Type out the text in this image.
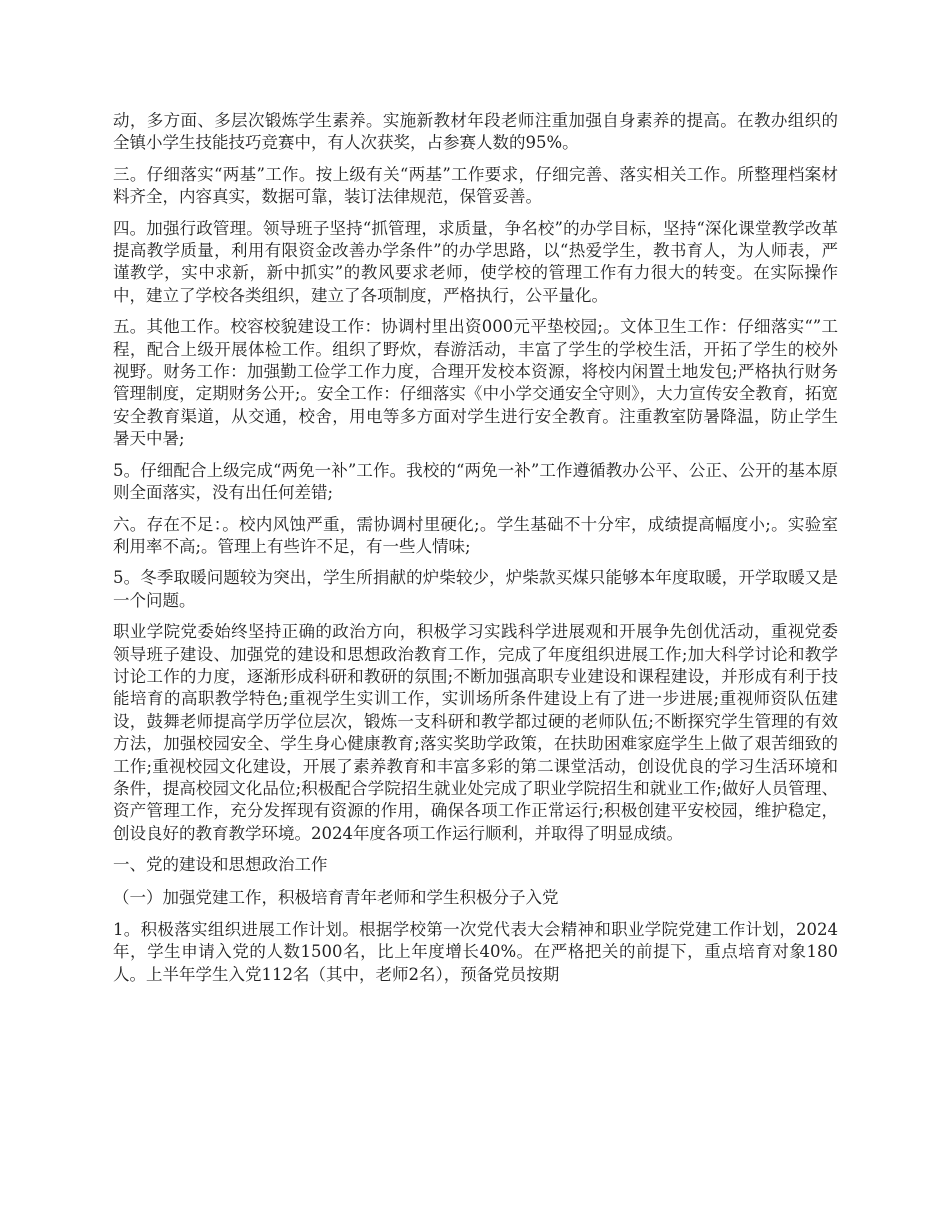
动，多方面、多层次锻炼学生素养。实施新教材年段老师注重加强自身素养的提高。在教办组织的全镇小学生技能技巧竞赛中，有人次获奖，占参赛人数的95%。

三。仔细落实“两基”工作。按上级有关“两基”工作要求，仔细完善、落实相关工作。所整理档案材料齐全，内容真实，数据可靠，装订法律规范，保管妥善。

四。加强行政管理。领导班子坚持“抓管理，求质量，争名校”的办学目标，坚持“深化课堂教学改革提高教学质量，利用有限资金改善办学条件”的办学思路，以“热爱学生，教书育人，为人师表，严谨教学，实中求新，新中抓实”的教风要求老师，使学校的管理工作有力很大的转变。在实际操作中，建立了学校各类组织，建立了各项制度，严格执行，公平量化。

五。其他工作。校容校貌建设工作：协调村里出资000元平垫校园;。文体卫生工作：仔细落实“”工程，配合上级开展体检工作。组织了野炊，春游活动，丰富了学生的学校生活，开拓了学生的校外视野。财务工作：加强勤工俭学工作力度，合理开发校本资源，将校内闲置土地发包;严格执行财务管理制度，定期财务公开;。安全工作：仔细落实《中小学交通安全守则》，大力宣传安全教育，拓宽安全教育渠道，从交通，校舍，用电等多方面对学生进行安全教育。注重教室防暑降温，防止学生暑天中暑;

5。仔细配合上级完成“两免一补”工作。我校的“两免一补”工作遵循教办公平、公正、公开的基本原则全面落实，没有出任何差错;

六。存在不足：。校内风蚀严重，需协调村里硬化;。学生基础不十分牢，成绩提高幅度小;。实验室利用率不高;。管理上有些许不足，有一些人情味;

5。冬季取暖问题较为突出，学生所捐献的炉柴较少，炉柴款买煤只能够本年度取暖，开学取暖又是一个问题。

职业学院党委始终坚持正确的政治方向，积极学习实践科学进展观和开展争先创优活动，重视党委领导班子建设、加强党的建设和思想政治教育工作，完成了年度组织进展工作;加大科学讨论和教学讨论工作的力度，逐渐形成科研和教研的氛围;不断加强高职专业建设和课程建设，并形成有利于技能培育的高职教学特色;重视学生实训工作，实训场所条件建设上有了进一步进展;重视师资队伍建设，鼓舞老师提高学历学位层次，锻炼一支科研和教学都过硬的老师队伍;不断探究学生管理的有效方法，加强校园安全、学生身心健康教育;落实奖助学政策，在扶助困难家庭学生上做了艰苦细致的工作;重视校园文化建设，开展了素养教育和丰富多彩的第二课堂活动，创设优良的学习生活环境和条件，提高校园文化品位;积极配合学院招生就业处完成了职业学院招生和就业工作;做好人员管理、资产管理工作，充分发挥现有资源的作用，确保各项工作正常运行;积极创建平安校园，维护稳定，创设良好的教育教学环境。2024年度各项工作运行顺利，并取得了明显成绩。

一、党的建设和思想政治工作

（一）加强党建工作，积极培育青年老师和学生积极分子入党

1。积极落实组织进展工作计划。根据学校第一次党代表大会精神和职业学院党建工作计划，2024年，学生申请入党的人数1500名，比上年度增长40%。在严格把关的前提下，重点培育对象180人。上半年学生入党112名（其中，老师2名），预备党员按期
